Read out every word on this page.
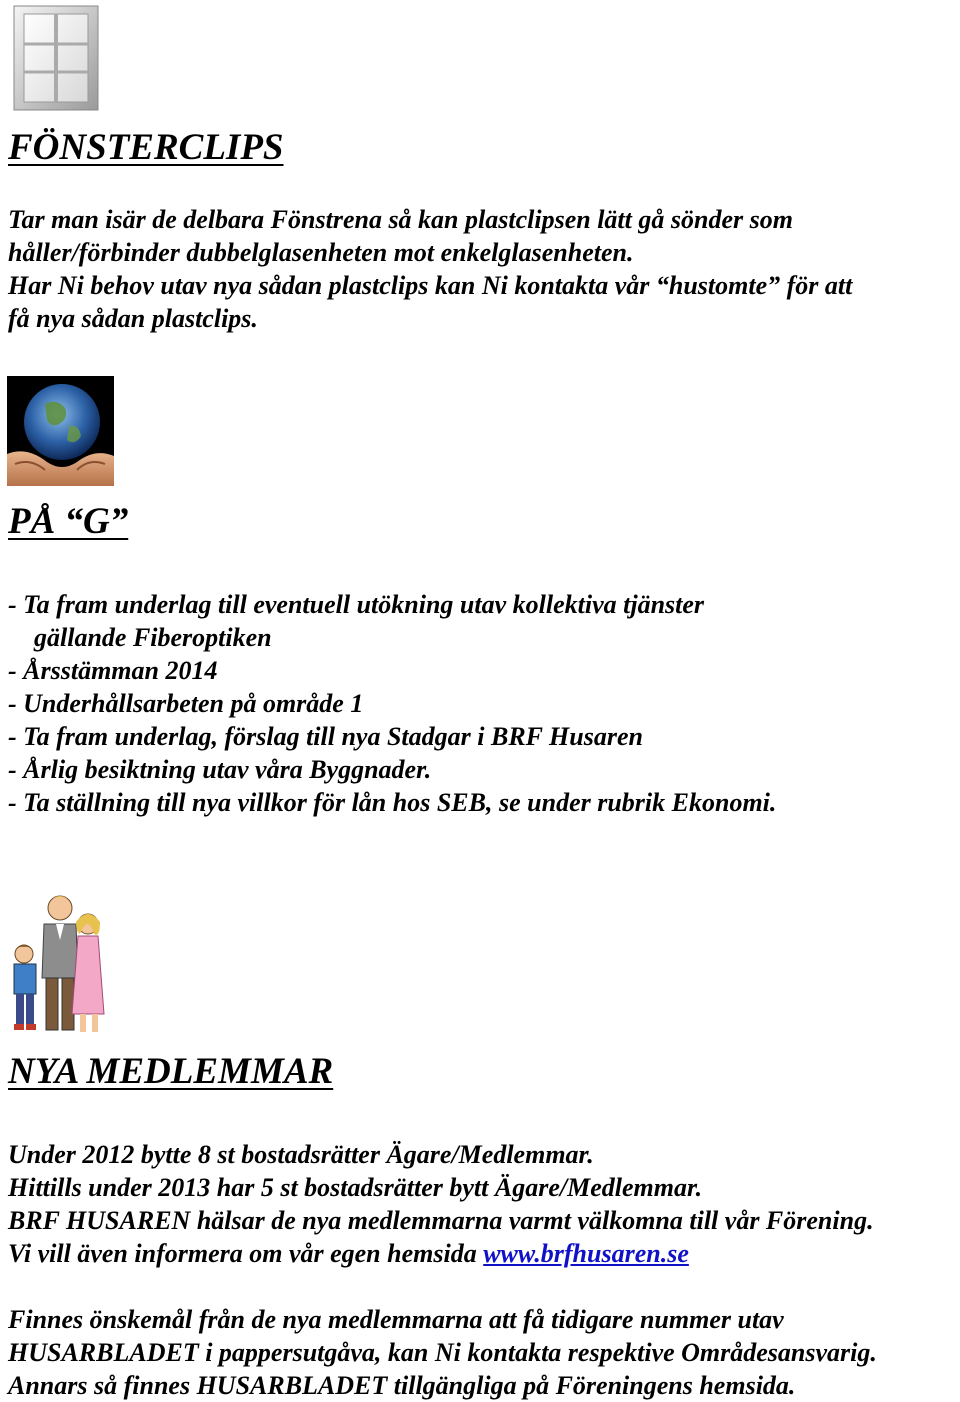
FÖNSTERCLIPS
Tar man isär de delbara Fönstrena så kan plastclipsen lätt gå sönder som
håller/förbinder dubbelglasenheten mot enkelglasenheten.
Har Ni behov utav nya sådan plastclips kan Ni kontakta vår “hustomte” för att
få nya sådan plastclips.
PÅ “G”
- Ta fram underlag till eventuell utökning utav kollektiva tjänster
gällande Fiberoptiken
- Årsstämman 2014
- Underhållsarbeten på område 1
- Ta fram underlag, förslag till nya Stadgar i BRF Husaren
- Årlig besiktning utav våra Byggnader.
- Ta ställning till nya villkor för lån hos SEB, se under rubrik Ekonomi.
NYA MEDLEMMAR
Under 2012 bytte 8 st bostadsrätter Ägare/Medlemmar.
Hittills under 2013 har 5 st bostadsrätter bytt Ägare/Medlemmar.
BRF HUSAREN hälsar de nya medlemmarna varmt välkomna till vår Förening.
Vi vill även informera om vår egen hemsida www.brfhusaren.se
Finnes önskemål från de nya medlemmarna att få tidigare nummer utav
HUSARBLADET i pappersutgåva, kan Ni kontakta respektive Områdesansvarig.
Annars så finnes HUSARBLADET tillgängliga på Föreningens hemsida.
